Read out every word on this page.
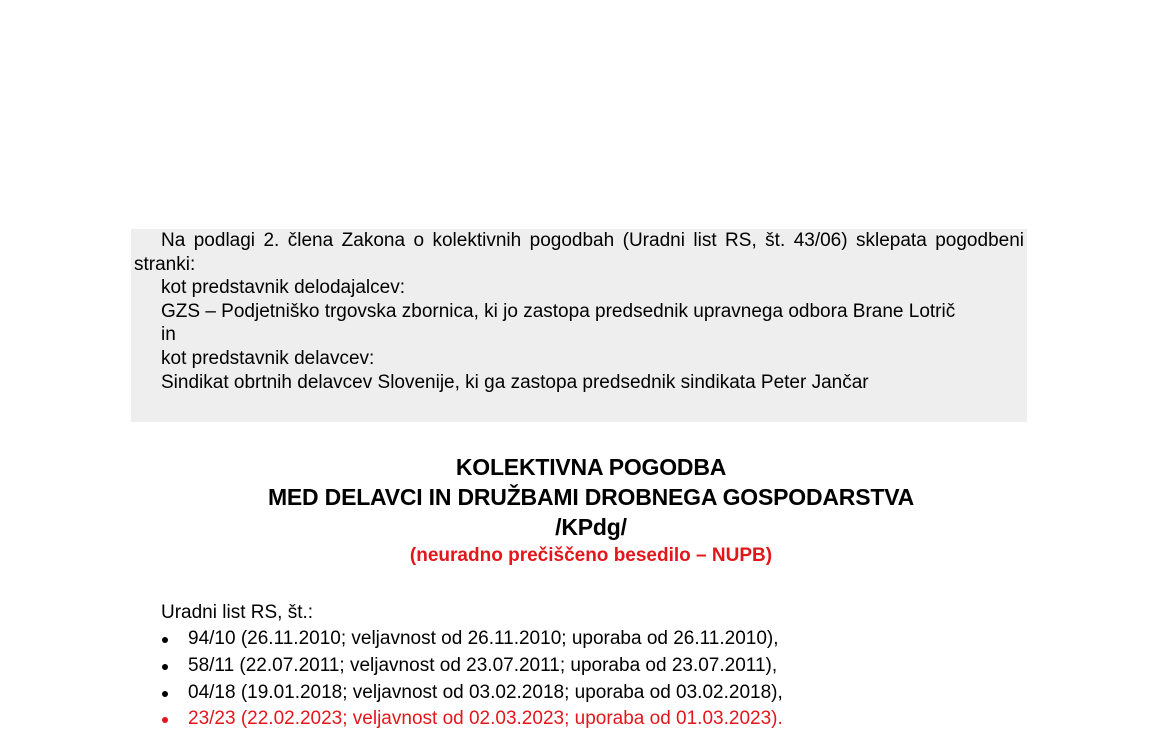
Na podlagi 2. člena Zakona o kolektivnih pogodbah (Uradni list RS, št. 43/06) sklepata pogodbeni stranki:

kot predstavnik delodajalcev:

GZS – Podjetniško trgovska zbornica, ki jo zastopa predsednik upravnega odbora Brane Lotrič

in

kot predstavnik delavcev:

Sindikat obrtnih delavcev Slovenije, ki ga zastopa predsednik sindikata Peter Jančar

KOLEKTIVNA POGODBA

MED DELAVCI IN DRUŽBAMI DROBNEGA GOSPODARSTVA

/KPdg/

(neuradno prečiščeno besedilo – NUPB)

Uradni list RS, št.:

94/10 (26.11.2010; veljavnost od 26.11.2010; uporaba od 26.11.2010),
58/11 (22.07.2011; veljavnost od 23.07.2011; uporaba od 23.07.2011),
04/18 (19.01.2018; veljavnost od 03.02.2018; uporaba od 03.02.2018),
23/23 (22.02.2023; veljavnost od 02.03.2023; uporaba od 01.03.2023).
